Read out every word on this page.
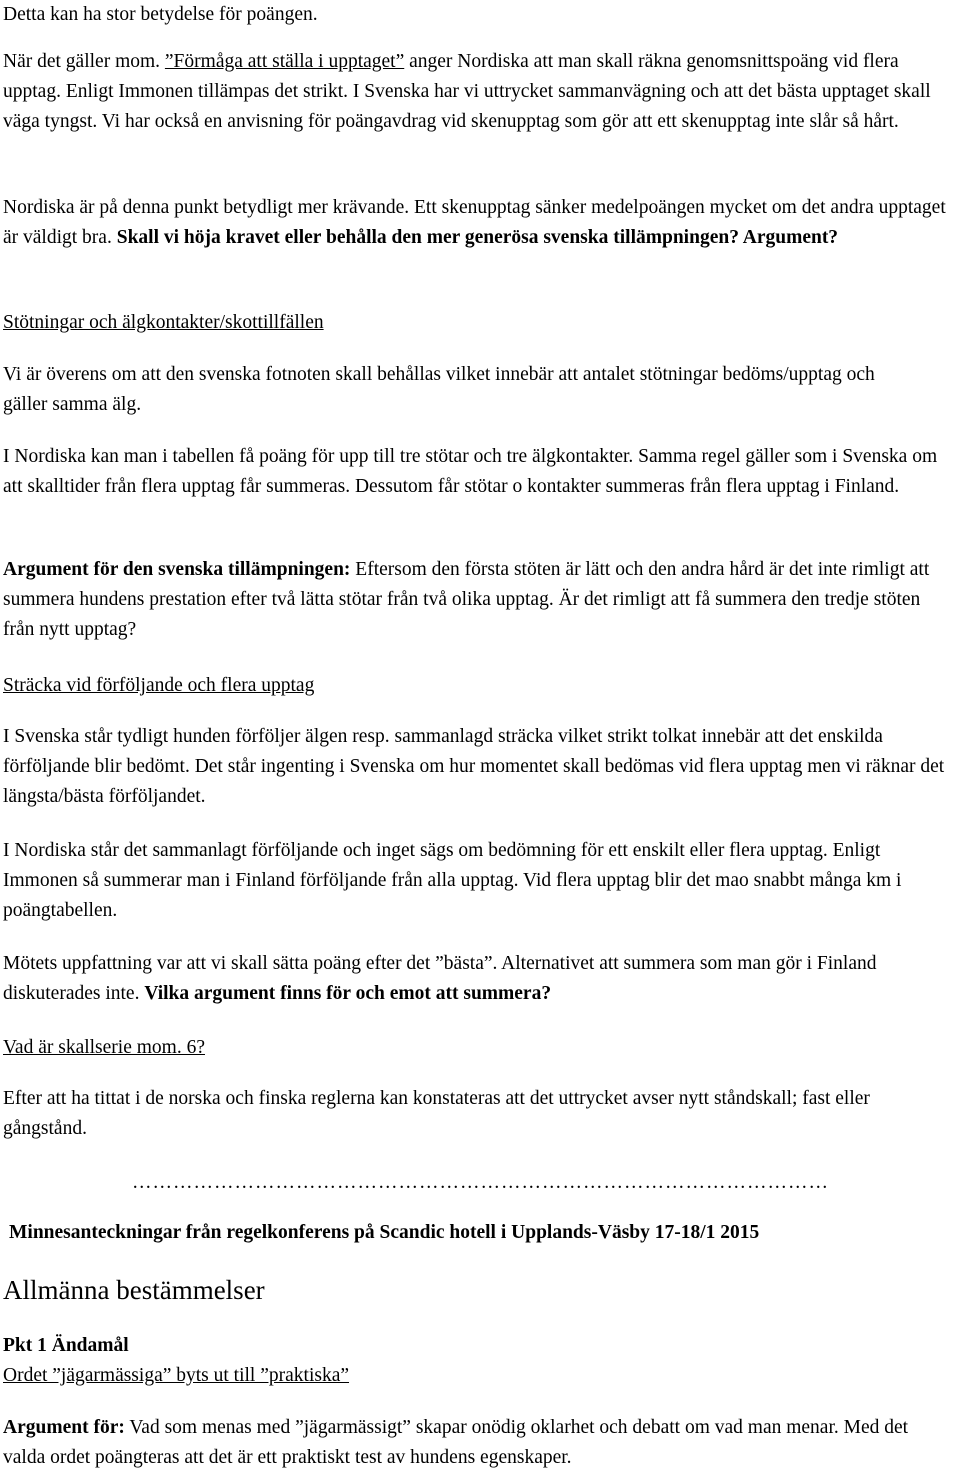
Detta kan ha stor betydelse för poängen.

När det gäller mom. ”Förmåga att ställa i upptaget” anger Nordiska att man skall räkna genomsnittspoäng vid flera upptag. Enligt Immonen tillämpas det strikt. I Svenska har vi uttrycket sammanvägning och att det bästa upptaget skall väga tyngst. Vi har också en anvisning för poängavdrag vid skenupptag som gör att ett skenupptag inte slår så hårt.

Nordiska är på denna punkt betydligt mer krävande. Ett skenupptag sänker medelpoängen mycket om det andra upptaget är väldigt bra. Skall vi höja kravet eller behålla den mer generösa svenska tillämpningen? Argument?

Stötningar och älgkontakter/skottillfällen

Vi är överens om att den svenska fotnoten skall behållas vilket innebär att antalet stötningar bedöms/upptag och gäller samma älg.

I Nordiska kan man i tabellen få poäng för upp till tre stötar och tre älgkontakter. Samma regel gäller som i Svenska om att skalltider från flera upptag får summeras. Dessutom får stötar o kontakter summeras från flera upptag i Finland.

Argument för den svenska tillämpningen: Eftersom den första stöten är lätt och den andra hård är det inte rimligt att summera hundens prestation efter två lätta stötar från två olika upptag. Är det rimligt att få summera den tredje stöten från nytt upptag?

Sträcka vid förföljande och flera upptag

I Svenska står tydligt hunden förföljer älgen resp. sammanlagd sträcka vilket strikt tolkat innebär att det enskilda förföljande blir bedömt. Det står ingenting i Svenska om hur momentet skall bedömas vid flera upptag men vi räknar det längsta/bästa förföljandet.

I Nordiska står det sammanlagt förföljande och inget sägs om bedömning för ett enskilt eller flera upptag. Enligt Immonen så summerar man i Finland förföljande från alla upptag. Vid flera upptag blir det mao snabbt många km i poängtabellen.

Mötets uppfattning var att vi skall sätta poäng efter det ”bästa”. Alternativet att summera som man gör i Finland diskuterades inte. Vilka argument finns för och emot att summera?

Vad är skallserie mom. 6?

Efter att ha tittat i de norska och finska reglerna kan konstateras att det uttrycket avser nytt ståndskall; fast eller gångstånd.

…………………………………………………………………………………………

Minnesanteckningar från regelkonferens på Scandic hotell i Upplands-Väsby 17-18/1 2015

Allmänna bestämmelser

Pkt 1 Ändamål

Ordet ”jägarmässiga” byts ut till ”praktiska”

Argument för: Vad som menas med ”jägarmässigt” skapar onödig oklarhet och debatt om vad man menar. Med det valda ordet poängteras att det är ett praktiskt test av hundens egenskaper.
